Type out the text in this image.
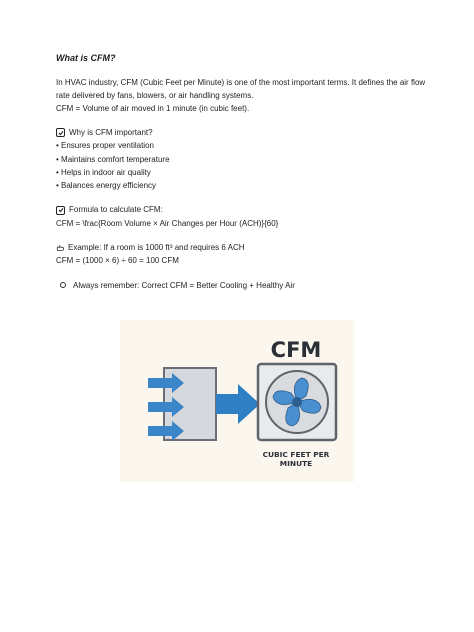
What is CFM?

In HVAC industry, CFM (Cubic Feet per Minute) is one of the most important terms. It defines the air flow rate delivered by fans, blowers, or air handling systems.

CFM = Volume of air moved in 1 minute (in cubic feet).

Why is CFM important?
• Ensures proper ventilation
• Maintains comfort temperature
• Helps in indoor air quality
• Balances energy efficiency
Formula to calculate CFM:
CFM = \frac{Room Volume × Air Changes per Hour (ACH)}{60}
Example: If a room is 1000 ft³ and requires 6 ACH
CFM = (1000 × 6) ÷ 60 = 100 CFM
Always remember: Correct CFM = Better Cooling + Healthy Air
CFM
CUBIC FEET PER MINUTE
